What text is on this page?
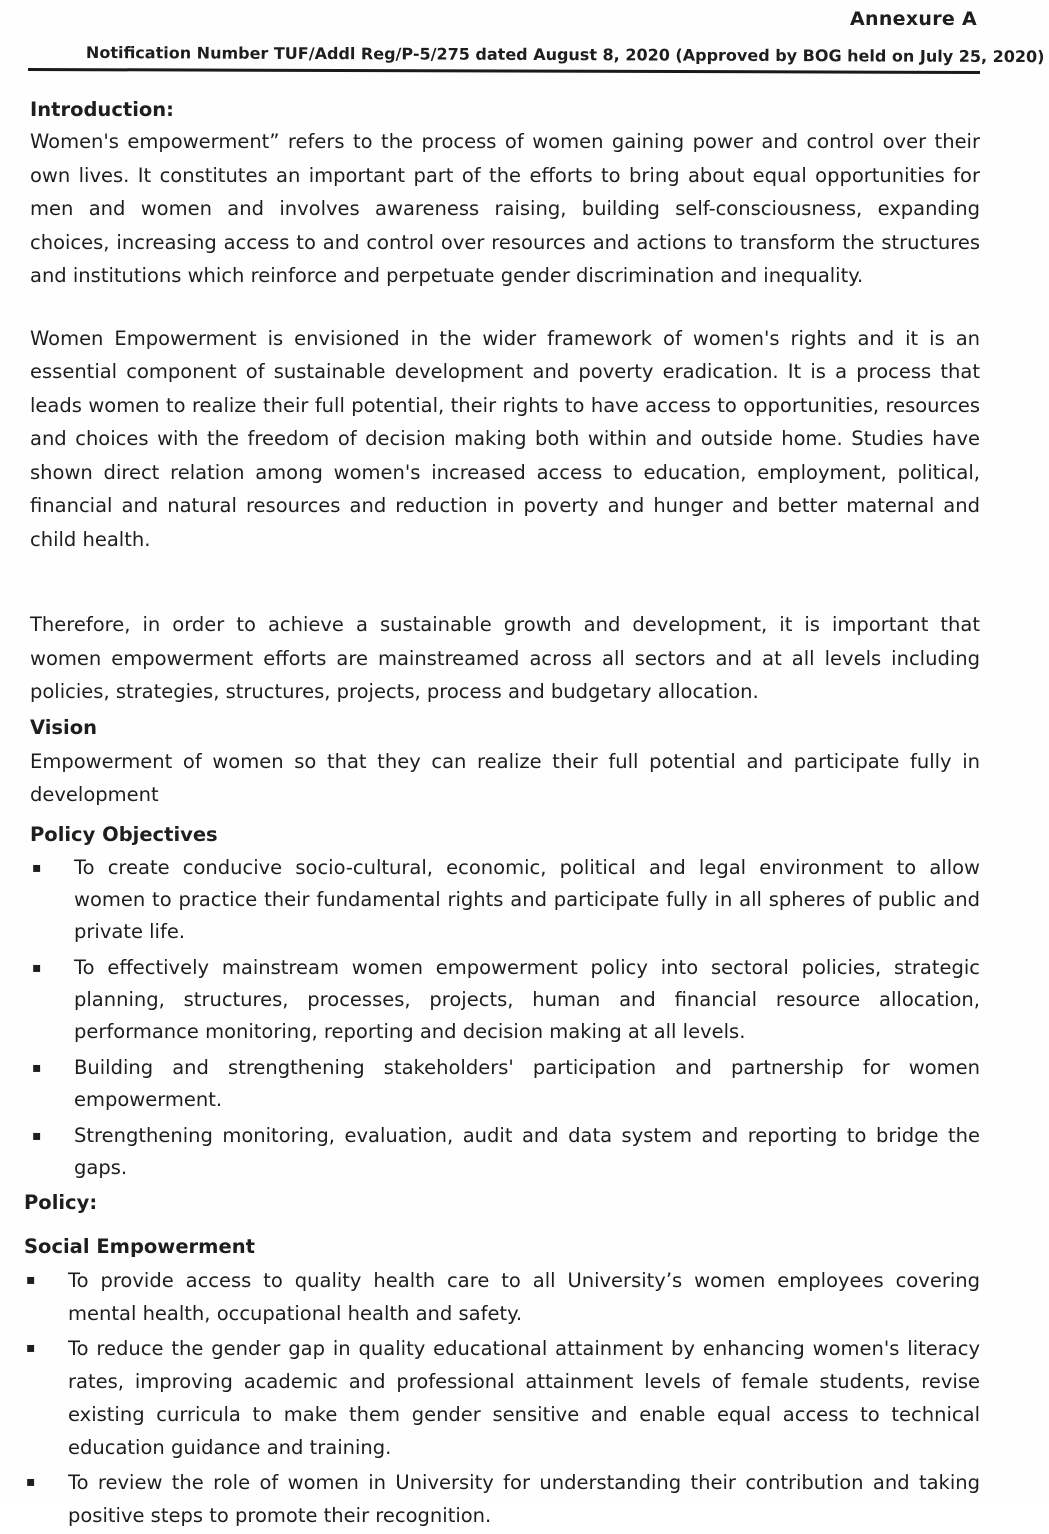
Annexure A
Notification Number TUF/Addl Reg/P-5/275 dated August 8, 2020 (Approved by BOG held on July 25, 2020)
Introduction:

Women's empowerment” refers to the process of women gaining power and control over their own lives. It constitutes an important part of the efforts to bring about equal opportunities for men and women and involves awareness raising, building self-consciousness, expanding choices, increasing access to and control over resources and actions to transform the structures and institutions which reinforce and perpetuate gender discrimination and inequality.

Women Empowerment is envisioned in the wider framework of women's rights and it is an essential component of sustainable development and poverty eradication. It is a process that leads women to realize their full potential, their rights to have access to opportunities, resources and choices with the freedom of decision making both within and outside home. Studies have shown direct relation among women's increased access to education, employment, political, financial and natural resources and reduction in poverty and hunger and better maternal and child health.

Therefore, in order to achieve a sustainable growth and development, it is important that women empowerment efforts are mainstreamed across all sectors and at all levels including policies, strategies, structures, projects, process and budgetary allocation.

Vision

Empowerment of women so that they can realize their full potential and participate fully in development

Policy Objectives
▪ To create conducive socio-cultural, economic, political and legal environment to allow women to practice their fundamental rights and participate fully in all spheres of public and private life.
▪ To effectively mainstream women empowerment policy into sectoral policies, strategic planning, structures, processes, projects, human and financial resource allocation, performance monitoring, reporting and decision making at all levels.
▪ Building and strengthening stakeholders' participation and partnership for women empowerment.
▪ Strengthening monitoring, evaluation, audit and data system and reporting to bridge the gaps.
Policy:
Social Empowerment
▪ To provide access to quality health care to all University’s women employees covering mental health, occupational health and safety.
▪ To reduce the gender gap in quality educational attainment by enhancing women's literacy rates, improving academic and professional attainment levels of female students, revise existing curricula to make them gender sensitive and enable equal access to technical education guidance and training.
▪ To review the role of women in University for understanding their contribution and taking positive steps to promote their recognition.
